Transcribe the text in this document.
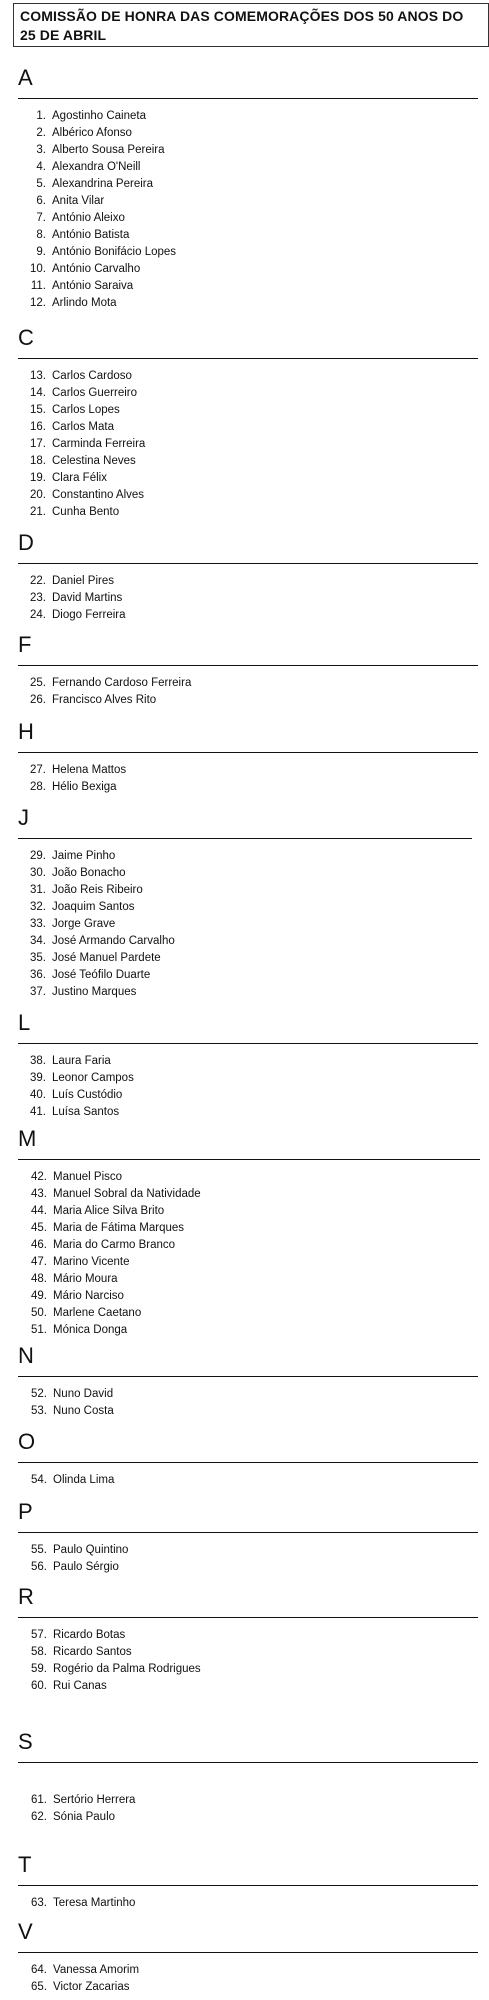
COMISSÃO DE HONRA DAS COMEMORAÇÕES DOS 50 ANOS DO 25 DE ABRIL
A
1. Agostinho Caineta
2. Albérico Afonso
3. Alberto Sousa Pereira
4. Alexandra O'Neill
5. Alexandrina Pereira
6. Anita Vilar
7. António Aleixo
8. António Batista
9. António Bonifácio Lopes
10. António Carvalho
11. António Saraiva
12. Arlindo Mota
C
13. Carlos Cardoso
14. Carlos Guerreiro
15. Carlos Lopes
16. Carlos Mata
17. Carminda Ferreira
18. Celestina Neves
19. Clara Félix
20. Constantino Alves
21. Cunha Bento
D
22. Daniel Pires
23. David Martins
24. Diogo Ferreira
F
25. Fernando Cardoso Ferreira
26. Francisco Alves Rito
H
27. Helena Mattos
28. Hélio Bexiga
J
29. Jaime Pinho
30. João Bonacho
31. João Reis Ribeiro
32. Joaquim Santos
33. Jorge Grave
34. José Armando Carvalho
35. José Manuel Pardete
36. José Teófilo Duarte
37. Justino Marques
L
38. Laura Faria
39. Leonor Campos
40. Luís Custódio
41. Luísa Santos
M
42. Manuel Pisco
43. Manuel Sobral da Natividade
44. Maria Alice Silva Brito
45. Maria de Fátima Marques
46. Maria do Carmo Branco
47. Marino Vicente
48. Mário Moura
49. Mário Narciso
50. Marlene Caetano
51. Mónica Donga
N
52. Nuno David
53. Nuno Costa
O
54. Olinda Lima
P
55. Paulo Quintino
56. Paulo Sérgio
R
57. Ricardo Botas
58. Ricardo Santos
59. Rogério da Palma Rodrigues
60. Rui Canas
S
61. Sertório Herrera
62. Sónia Paulo
T
63. Teresa Martinho
V
64. Vanessa Amorim
65. Victor Zacarias
